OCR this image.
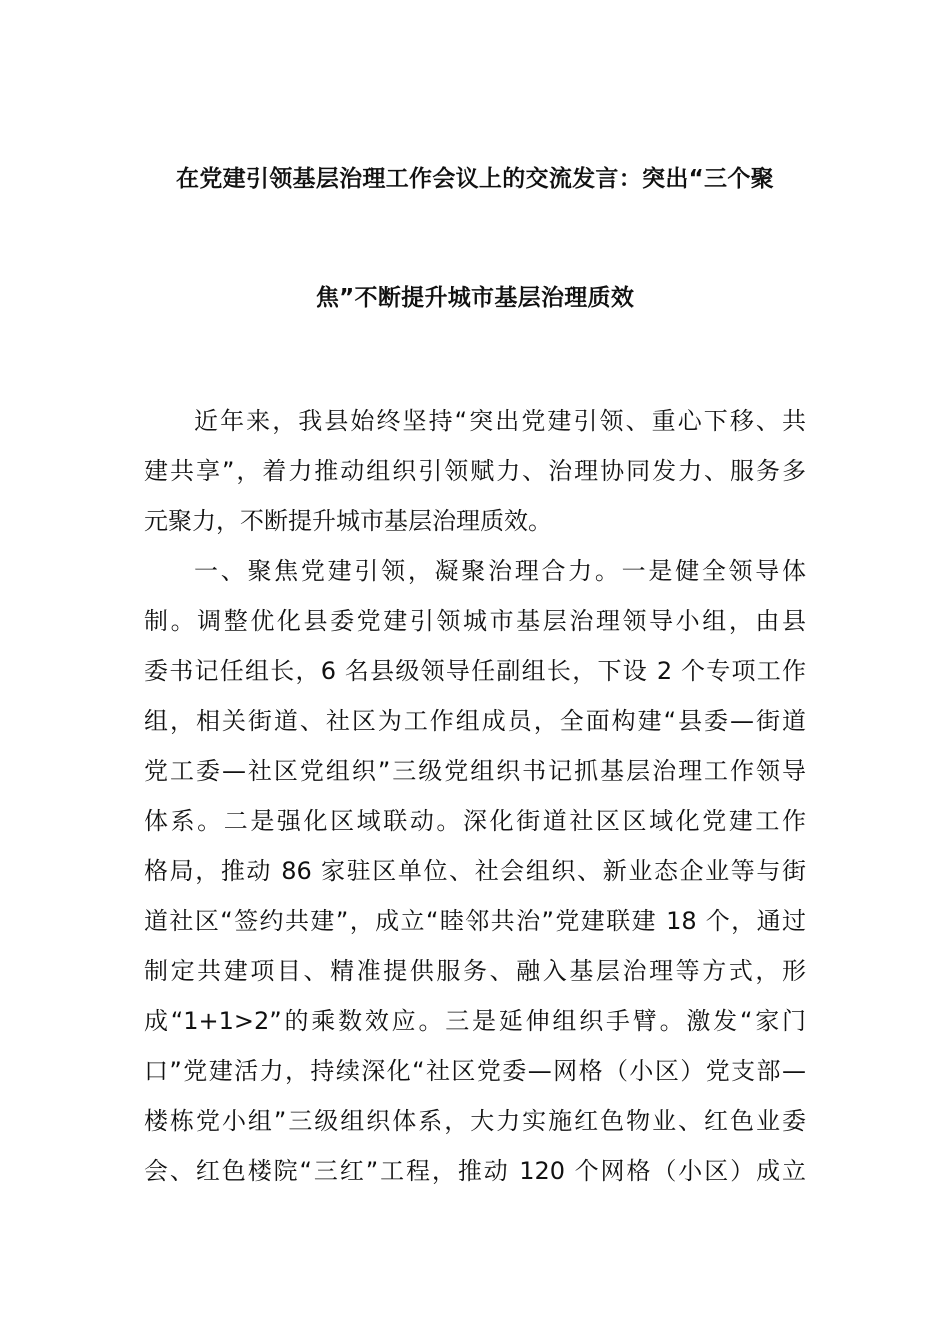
在党建引领基层治理工作会议上的交流发言：突出“三个聚
焦”不断提升城市基层治理质效
近年来，我县始终坚持“突出党建引领、重心下移、共
建共享”，着力推动组织引领赋力、治理协同发力、服务多
元聚力，不断提升城市基层治理质效。
一、聚焦党建引领，凝聚治理合力。一是健全领导体
制。调整优化县委党建引领城市基层治理领导小组，由县
委书记任组长，6 名县级领导任副组长，下设 2 个专项工作
组，相关街道、社区为工作组成员，全面构建“县委—街道
党工委—社区党组织”三级党组织书记抓基层治理工作领导
体系。二是强化区域联动。深化街道社区区域化党建工作
格局，推动 86 家驻区单位、社会组织、新业态企业等与街
道社区“签约共建”，成立“睦邻共治”党建联建 18 个，通过
制定共建项目、精准提供服务、融入基层治理等方式，形
成“1+1>2”的乘数效应。三是延伸组织手臂。激发“家门
口”党建活力，持续深化“社区党委—网格（小区）党支部—
楼栋党小组”三级组织体系，大力实施红色物业、红色业委
会、红色楼院“三红”工程，推动 120 个网格（小区）成立
